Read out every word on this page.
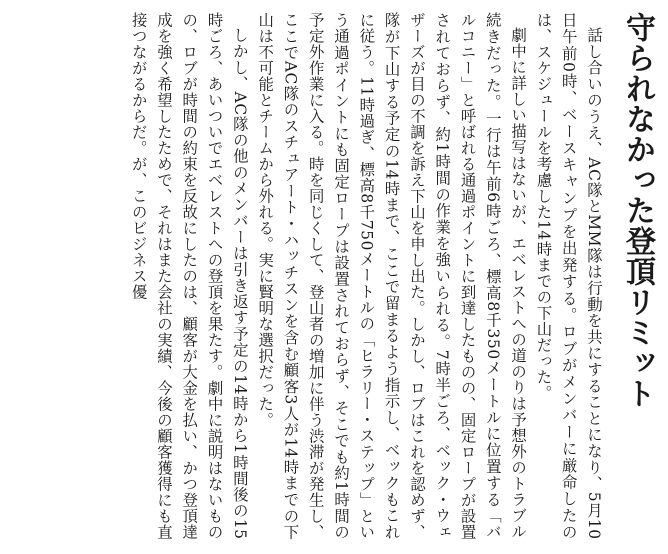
守られなかった登頂リミット

話し合いのうえ、AC隊とMM隊は行動を共にすることになり、5月10日午前0時、ベースキャンプを出発する。ロブがメンバーに厳命したのは、スケジュールを考慮した14時までの下山だった。

劇中に詳しい描写はないが、エベレストへの道のりは予想外のトラブル続きだった。一行は午前6時ごろ、標高8千350メートルに位置する「バルコニー」と呼ばれる通過ポイントに到達したものの、固定ロープが設置されておらず、約1時間の作業を強いられる。7時半ごろ、ベック・ウェザーズが目の不調を訴え下山を申し出た。しかし、ロブはこれを認めず、隊が下山する予定の14時まで、ここで留まるよう指示し、ベックもこれに従う。11時過ぎ、標高8千750メートルの「ヒラリー・ステップ」という通過ポイントにも固定ロープは設置されておらず、そこでも約1時間の予定外作業に入る。時を同じくして、登山者の増加に伴う渋滞が発生し、ここでAC隊のスチュアート・ハッチスンを含む顧客3人が14時までの下山は不可能とチームから外れる。実に賢明な選択だった。

しかし、AC隊の他のメンバーは引き返す予定の14時から1時間後の15時ごろ、あいついでエベレストへの登頂を果たす。劇中に説明はないものの、ロブが時間の約束を反故にしたのは、顧客が大金を払い、かつ登頂達成を強く希望したためで、それはまた会社の実績、今後の顧客獲得にも直接つながるからだ。が、このビジネス優
